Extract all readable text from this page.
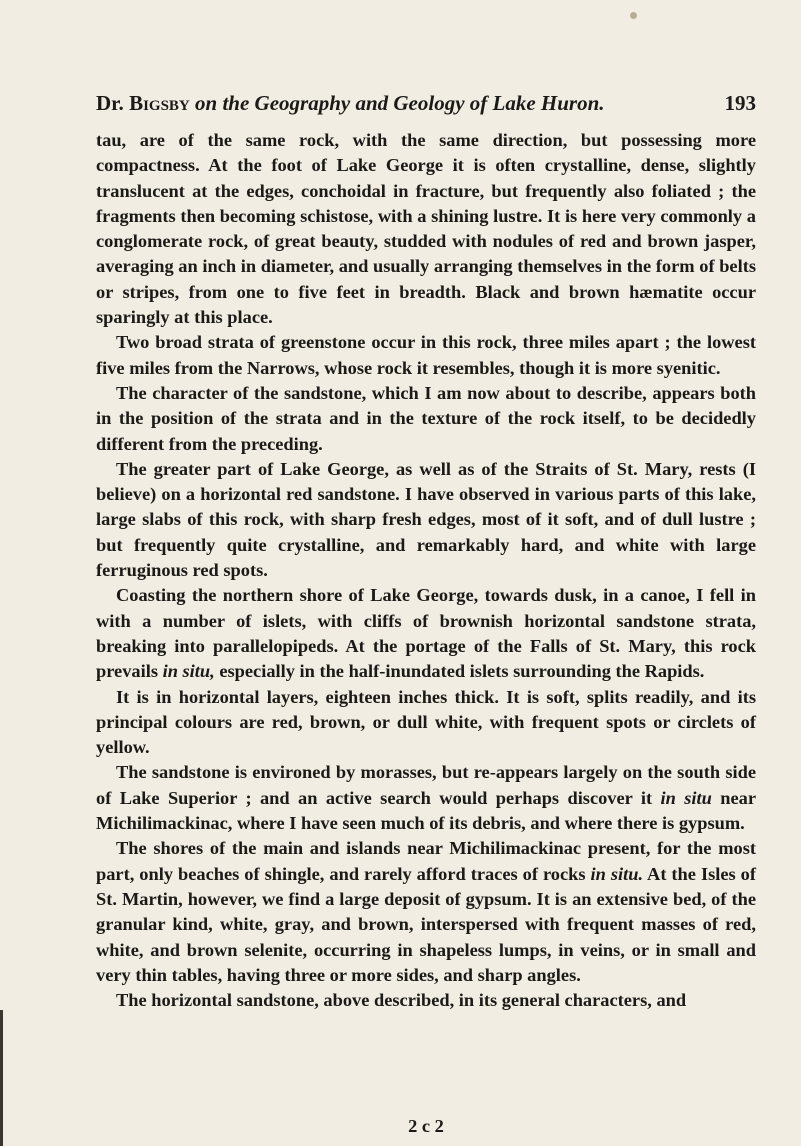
Dr. Bigsby on the Geography and Geology of Lake Huron.	193

tau, are of the same rock, with the same direction, but possessing more compactness. At the foot of Lake George it is often crystalline, dense, slightly translucent at the edges, conchoidal in fracture, but frequently also foliated ; the fragments then becoming schistose, with a shining lustre. It is here very commonly a conglomerate rock, of great beauty, studded with nodules of red and brown jasper, averaging an inch in diameter, and usually arranging themselves in the form of belts or stripes, from one to five feet in breadth. Black and brown hæmatite occur sparingly at this place.

Two broad strata of greenstone occur in this rock, three miles apart ; the lowest five miles from the Narrows, whose rock it resembles, though it is more syenitic.

The character of the sandstone, which I am now about to describe, appears both in the position of the strata and in the texture of the rock itself, to be decidedly different from the preceding.

The greater part of Lake George, as well as of the Straits of St. Mary, rests (I believe) on a horizontal red sandstone. I have observed in various parts of this lake, large slabs of this rock, with sharp fresh edges, most of it soft, and of dull lustre ; but frequently quite crystalline, and remarkably hard, and white with large ferruginous red spots.

Coasting the northern shore of Lake George, towards dusk, in a canoe, I fell in with a number of islets, with cliffs of brownish horizontal sandstone strata, breaking into parallelopipeds. At the portage of the Falls of St. Mary, this rock prevails in situ, especially in the half-inundated islets surrounding the Rapids.

It is in horizontal layers, eighteen inches thick. It is soft, splits readily, and its principal colours are red, brown, or dull white, with frequent spots or circlets of yellow.

The sandstone is environed by morasses, but re-appears largely on the south side of Lake Superior ; and an active search would perhaps discover it in situ near Michilimackinac, where I have seen much of its debris, and where there is gypsum.

The shores of the main and islands near Michilimackinac present, for the most part, only beaches of shingle, and rarely afford traces of rocks in situ. At the Isles of St. Martin, however, we find a large deposit of gypsum. It is an extensive bed, of the granular kind, white, gray, and brown, interspersed with frequent masses of red, white, and brown selenite, occurring in shapeless lumps, in veins, or in small and very thin tables, having three or more sides, and sharp angles.

The horizontal sandstone, above described, in its general characters, and

2 c 2
